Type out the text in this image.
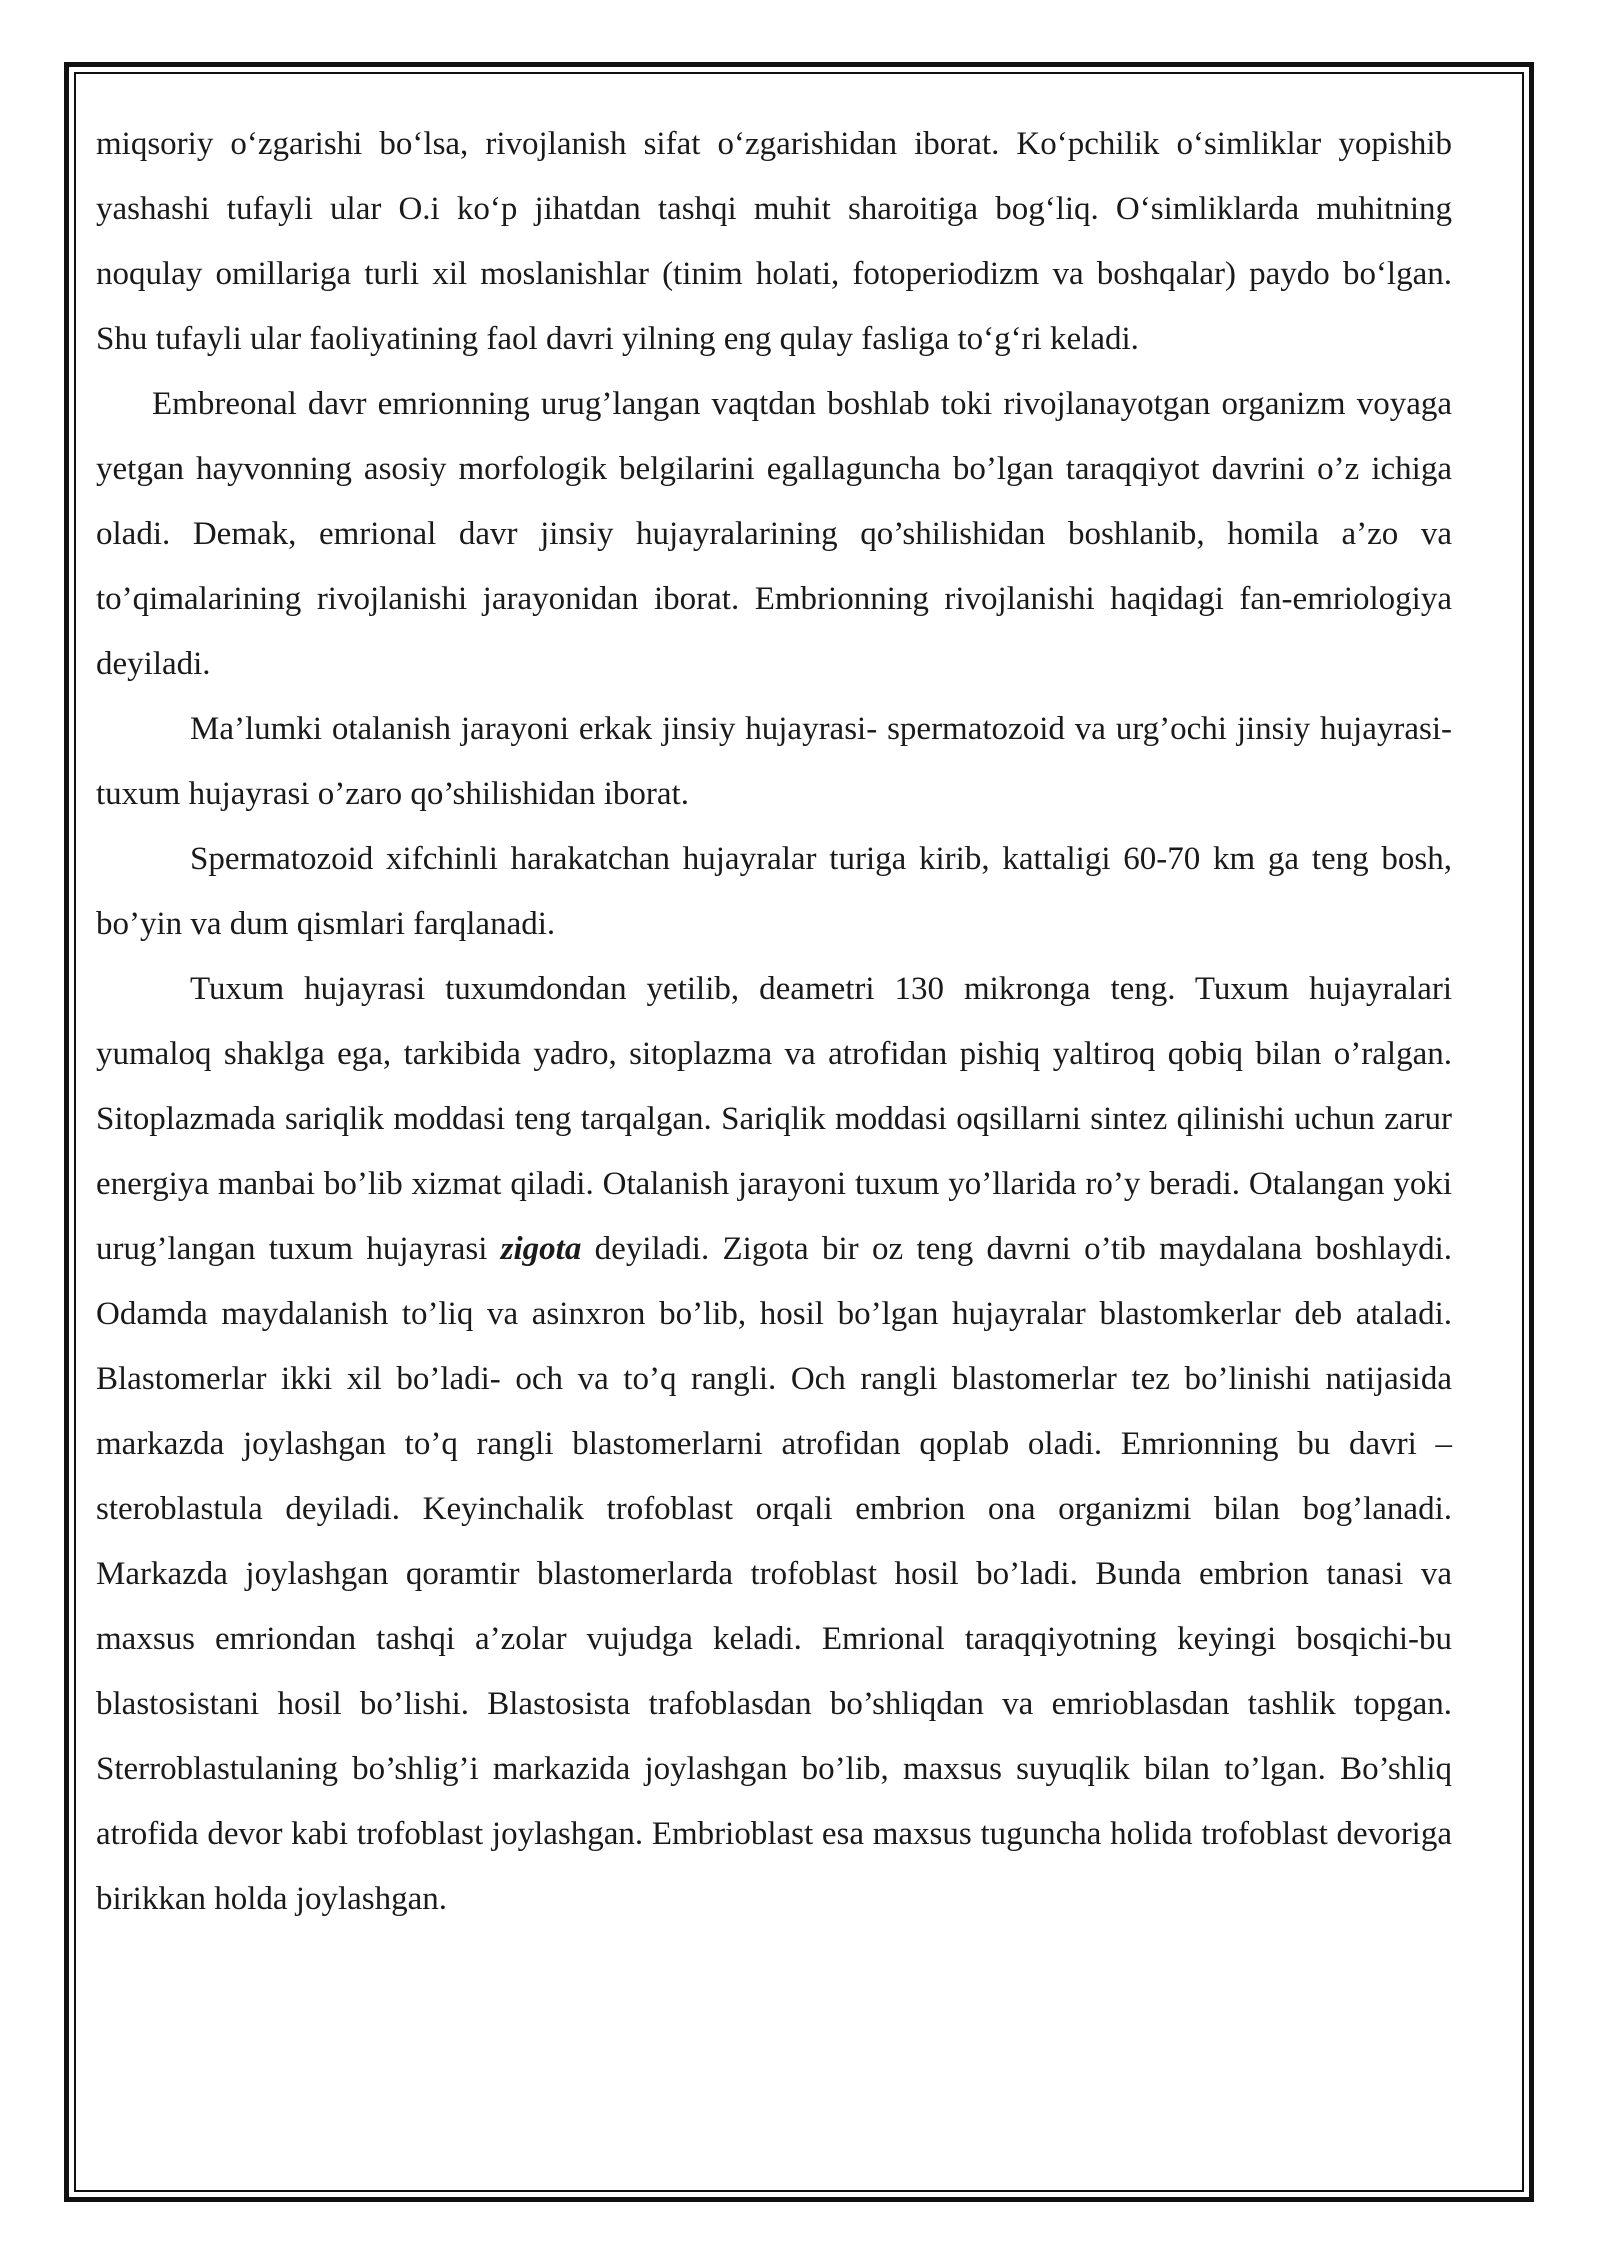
miqsoriy o‘zgarishi bo‘lsa, rivojlanish sifat o‘zgarishidan iborat. Ko‘pchilik o‘simliklar yopishib yashashi tufayli ular O.i ko‘p jihatdan tashqi muhit sharoitiga bog‘liq. O‘simliklarda muhitning noqulay omillariga turli xil moslanishlar (tinim holati, fotoperiodizm va boshqalar) paydo bo‘lgan. Shu tufayli ular faoliyatining faol davri yilning eng qulay fasliga to‘g‘ri keladi.

Embreonal davr emrionning urug’langan vaqtdan boshlab toki rivojlanayotgan organizm voyaga yetgan hayvonning asosiy morfologik belgilarini egallaguncha bo’lgan taraqqiyot davrini o’z ichiga oladi. Demak, emrional davr jinsiy hujayralarining qo’shilishidan boshlanib, homila a’zo va to’qimalarining rivojlanishi jarayonidan iborat. Embrionning rivojlanishi haqidagi fan-emriologiya deyiladi.

Ma’lumki otalanish jarayoni erkak jinsiy hujayrasi- spermatozoid va urg’ochi jinsiy hujayrasi-tuxum hujayrasi o’zaro qo’shilishidan iborat.

Spermatozoid xifchinli harakatchan hujayralar turiga kirib, kattaligi 60-70 km ga teng bosh, bo’yin va dum qismlari farqlanadi.

Tuxum hujayrasi tuxumdondan yetilib, deametri 130 mikronga teng. Tuxum hujayralari yumaloq shaklga ega, tarkibida yadro, sitoplazma va atrofidan pishiq yaltiroq qobiq bilan o’ralgan. Sitoplazmada sariqlik moddasi teng tarqalgan. Sariqlik moddasi oqsillarni sintez qilinishi uchun zarur energiya manbai bo’lib xizmat qiladi. Otalanish jarayoni tuxum yo’llarida ro’y beradi. Otalangan yoki urug’langan tuxum hujayrasi zigota deyiladi. Zigota bir oz teng davrni o’tib maydalana boshlaydi. Odamda maydalanish to’liq va asinxron bo’lib, hosil bo’lgan hujayralar blastomkerlar deb ataladi. Blastomerlar ikki xil bo’ladi- och va to’q rangli. Och rangli blastomerlar tez bo’linishi natijasida markazda joylashgan to’q rangli blastomerlarni atrofidan qoplab oladi. Emrionning bu davri – steroblastula deyiladi. Keyinchalik trofoblast orqali embrion ona organizmi bilan bog’lanadi. Markazda joylashgan qoramtir blastomerlarda trofoblast hosil bo’ladi. Bunda embrion tanasi va maxsus emriondan tashqi a’zolar vujudga keladi. Emrional taraqqiyotning keyingi bosqichi-bu blastosistani hosil bo’lishi. Blastosista trafoblasdan bo’shliqdan va emrioblasdan tashlik topgan. Sterroblastulaning bo’shlig’i markazida joylashgan bo’lib, maxsus suyuqlik bilan to’lgan. Bo’shliq atrofida devor kabi trofoblast joylashgan. Embrioblast esa maxsus tuguncha holida trofoblast devoriga birikkan holda joylashgan.
